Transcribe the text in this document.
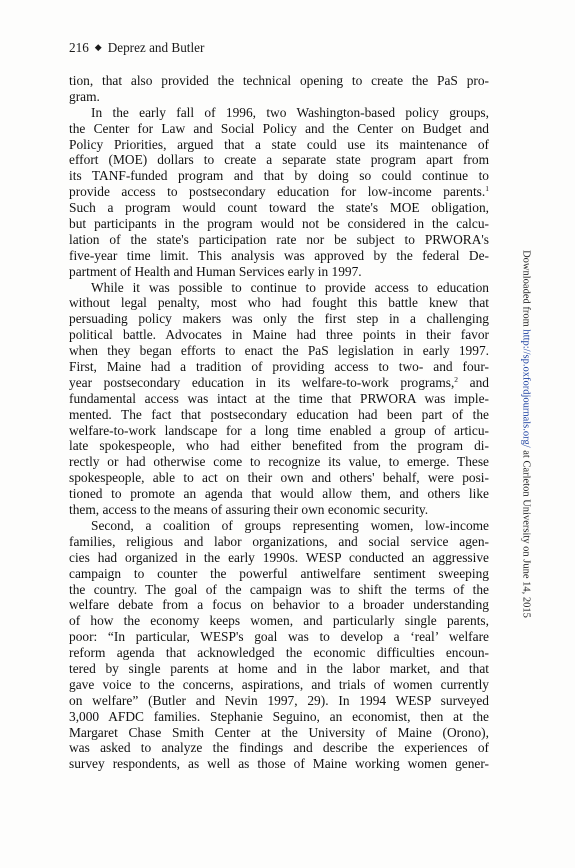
216 ◆ Deprez and Butler
tion, that also provided the technical opening to create the PaS pro-
gram.
In the early fall of 1996, two Washington-based policy groups,
the Center for Law and Social Policy and the Center on Budget and
Policy Priorities, argued that a state could use its maintenance of
effort (MOE) dollars to create a separate state program apart from
its TANF-funded program and that by doing so could continue to
provide access to postsecondary education for low-income parents.$^1$
Such a program would count toward the state's MOE obligation,
but participants in the program would not be considered in the calcu-
lation of the state's participation rate nor be subject to PRWORA's
five-year time limit. This analysis was approved by the federal De-
partment of Health and Human Services early in 1997.
While it was possible to continue to provide access to education
without legal penalty, most who had fought this battle knew that
persuading policy makers was only the first step in a challenging
political battle. Advocates in Maine had three points in their favor
when they began efforts to enact the PaS legislation in early 1997.
First, Maine had a tradition of providing access to two- and four-
year postsecondary education in its welfare-to-work programs,$^2$ and
fundamental access was intact at the time that PRWORA was imple-
mented. The fact that postsecondary education had been part of the
welfare-to-work landscape for a long time enabled a group of articu-
late spokespeople, who had either benefited from the program di-
rectly or had otherwise come to recognize its value, to emerge. These
spokespeople, able to act on their own and others' behalf, were posi-
tioned to promote an agenda that would allow them, and others like
them, access to the means of assuring their own economic security.
Second, a coalition of groups representing women, low-income
families, religious and labor organizations, and social service agen-
cies had organized in the early 1990s. WESP conducted an aggressive
campaign to counter the powerful antiwelfare sentiment sweeping
the country. The goal of the campaign was to shift the terms of the
welfare debate from a focus on behavior to a broader understanding
of how the economy keeps women, and particularly single parents,
poor: “In particular, WESP's goal was to develop a ‘real’ welfare
reform agenda that acknowledged the economic difficulties encoun-
tered by single parents at home and in the labor market, and that
gave voice to the concerns, aspirations, and trials of women currently
on welfare” (Butler and Nevin 1997, 29). In 1994 WESP surveyed
3,000 AFDC families. Stephanie Seguino, an economist, then at the
Margaret Chase Smith Center at the University of Maine (Orono),
was asked to analyze the findings and describe the experiences of
survey respondents, as well as those of Maine working women gener-
Downloaded from http://sp.oxfordjournals.org/ at Carleton University on June 14, 2015
